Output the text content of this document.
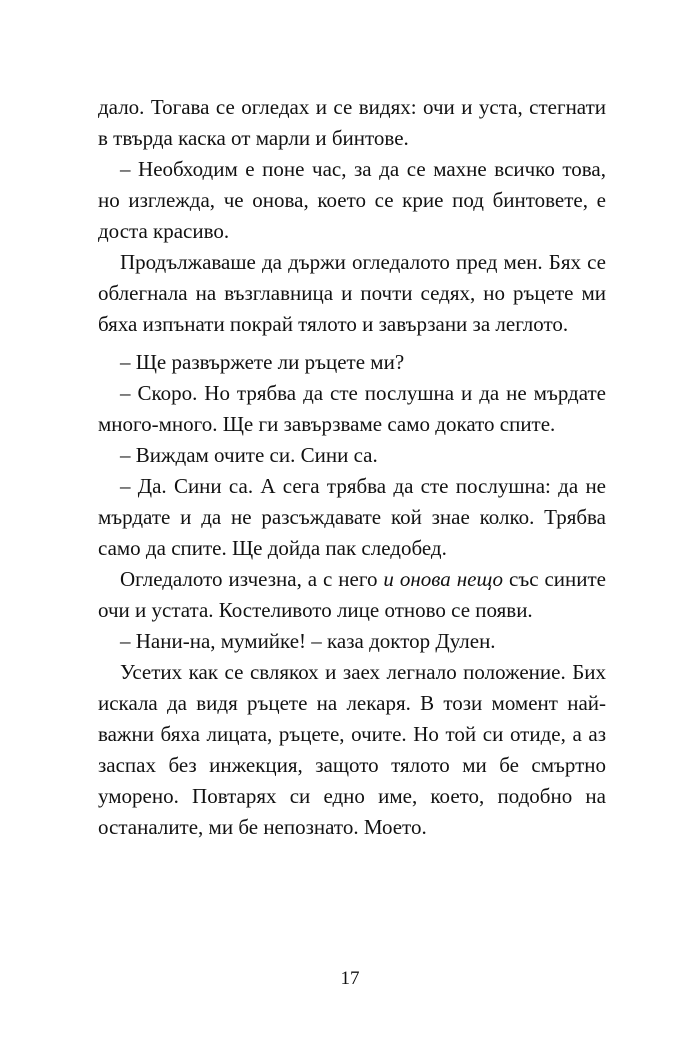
дало. Тогава се огледах и се видях: очи и уста, стегнати в твърда каска от марли и бинтове.

– Необходим е поне час, за да се махне всичко това, но изглежда, че онова, което се крие под бинтовете, е доста красиво.

Продължаваше да държи огледалото пред мен. Бях се облегнала на възглавница и почти седях, но ръцете ми бяха изпънати покрай тялото и завързани за леглото.

– Ще развържете ли ръцете ми?

– Скоро. Но трябва да сте послушна и да не мърдате много-много. Ще ги завързваме само докато спите.

– Виждам очите си. Сини са.

– Да. Сини са. А сега трябва да сте послушна: да не мърдате и да не разсъждавате кой знае колко. Трябва само да спите. Ще дойда пак следобед.

Огледалото изчезна, а с него и онова нещо със сините очи и устата. Костеливото лице отново се появи.

– Нани-на, мумийке! – каза доктор Дулен.

Усетих как се свлякох и заех легнало положение. Бих искала да видя ръцете на лекаря. В този момент най-важни бяха лицата, ръцете, очите. Но той си отиде, а аз заспах без инжекция, защото тялото ми бе смъртно уморено. Повтарях си едно име, което, подобно на останалите, ми бе непознато. Моето.

17
